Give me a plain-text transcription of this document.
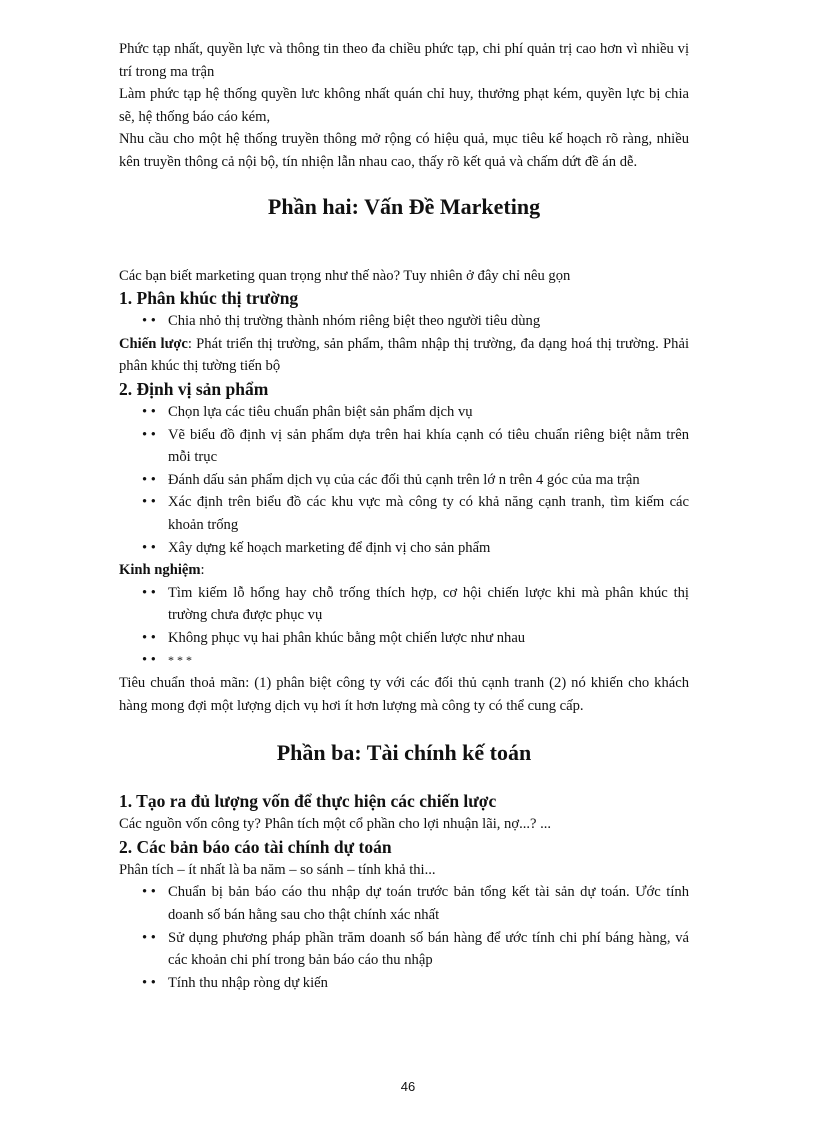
Phức tạp nhất, quyền lực và thông tin theo đa chiều phức tạp, chi phí quản trị cao hơn vì nhiều vị trí trong ma trận

Làm phức tạp hệ thống quyền lưc không nhất quán chỉ huy, thưởng phạt kém, quyền lực bị chia sẽ, hệ thống báo cáo kém,

Nhu cầu cho một hệ thống truyền thông mở rộng có hiệu quả, mục tiêu kế hoạch rõ ràng, nhiều kên truyền thông cả nội bộ, tín nhiện lẫn nhau cao, thấy rõ kết quả và chấm dứt đề án dễ.

Phần hai: Vấn Đề Marketing

Các bạn biết marketing quan trọng như thế nào? Tuy nhiên ở đây chỉ nêu gọn

1. Phân khúc thị trường
• • Chia nhỏ thị trường thành nhóm riêng biệt theo người tiêu dùng

Chiến lược: Phát triển thị trường, sản phẩm, thâm nhập thị trường, đa dạng hoá thị trường. Phải phân khúc thị tường tiến bộ

2. Định vị sản phẩm
• • Chọn lựa các tiêu chuẩn phân biệt sản phẩm dịch vụ
• • Vẽ biểu đồ định vị sản phẩm dựa trên hai khía cạnh có tiêu chuẩn riêng biệt nằm trên mỗi trục
• • Đánh dấu sản phẩm dịch vụ của các đối thủ cạnh trên lớ n trên 4 góc của ma trận
• • Xác định trên biểu đồ các khu vực mà công ty có khả năng cạnh tranh, tìm kiếm các khoản trống
• • Xây dựng kế hoạch marketing để định vị cho sản phẩm

Kinh nghiệm:

• • Tìm kiếm lỗ hổng hay chỗ trống thích hợp, cơ hội chiến lược khi mà phân khúc thị trường chưa được phục vụ
• • Không phục vụ hai phân khúc bằng một chiến lược như nhau
• • * * *

Tiêu chuẩn thoả mãn: (1) phân biệt công ty với các đối thủ cạnh tranh (2) nó khiến cho khách hàng mong đợi một lượng dịch vụ hơi ít hơn lượng mà công ty có thể cung cấp.

Phần ba: Tài chính kế toán
1. Tạo ra đủ lượng vốn để thực hiện các chiến lược

Các nguồn vốn công ty? Phân tích một cổ phần cho lợi nhuận lãi, nợ...? ...

2. Các bản báo cáo tài chính dự toán

Phân tích – ít nhất là ba năm – so sánh – tính khả thi...

• • Chuẩn bị bản báo cáo thu nhập dự toán trước bản tổng kết tài sản dự toán. Ước tính doanh số bán hằng sau cho thật chính xác nhất
• • Sử dụng phương pháp phần trăm doanh số bán hàng để ước tính chi phí báng hàng, vá các khoản chi phí trong bản báo cáo thu nhập
• • Tính thu nhập ròng dự kiến
46
